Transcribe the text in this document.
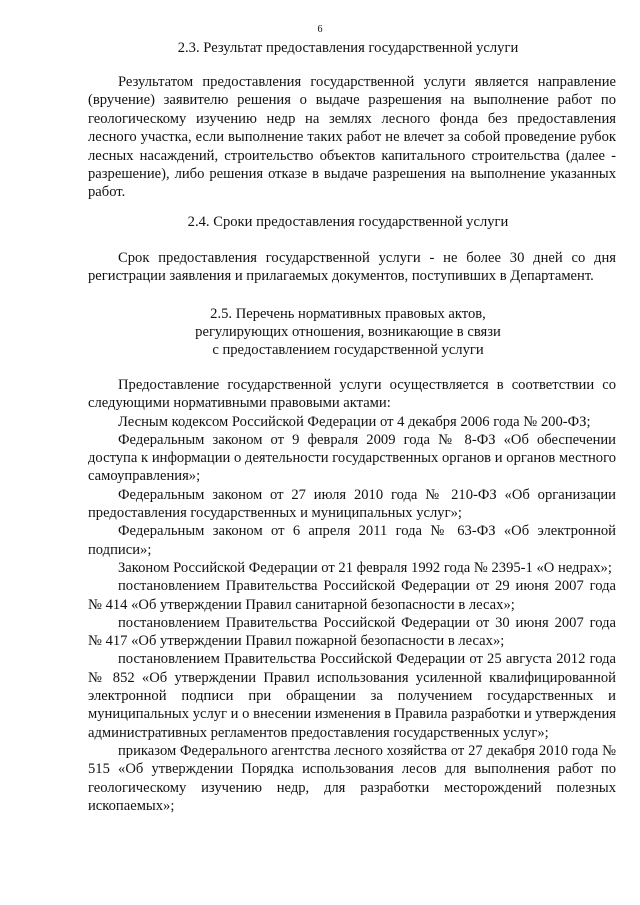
6
2.3. Результат предоставления государственной услуги

Результатом предоставления государственной услуги является направление (вручение) заявителю решения о выдаче разрешения на выполнение работ по геологическому изучению недр на землях лесного фонда без предоставления лесного участка, если выполнение таких работ не влечет за собой проведение рубок лесных насаждений, строительство объектов капитального строительства (далее - разрешение), либо решения отказе в выдаче разрешения на выполнение указанных работ.

2.4. Сроки предоставления государственной услуги

Срок предоставления государственной услуги - не более 30 дней со дня регистрации заявления и прилагаемых документов, поступивших в Департамент.

2.5. Перечень нормативных правовых актов,
регулирующих отношения, возникающие в связи
с предоставлением государственной услуги

Предоставление государственной услуги осуществляется в соответствии со следующими нормативными правовыми актами:

Лесным кодексом Российской Федерации от 4 декабря 2006 года № 200-ФЗ;

Федеральным законом от 9 февраля 2009 года № 8-ФЗ «Об обеспечении доступа к информации о деятельности государственных органов и органов местного самоуправления»;

Федеральным законом от 27 июля 2010 года № 210-ФЗ «Об организации предоставления государственных и муниципальных услуг»;

Федеральным законом от 6 апреля 2011 года № 63-ФЗ «Об электронной подписи»;

Законом Российской Федерации от 21 февраля 1992 года № 2395-1 «О недрах»;

постановлением Правительства Российской Федерации от 29 июня 2007 года № 414 «Об утверждении Правил санитарной безопасности в лесах»;

постановлением Правительства Российской Федерации от 30 июня 2007 года № 417 «Об утверждении Правил пожарной безопасности в лесах»;

постановлением Правительства Российской Федерации от 25 августа 2012 года № 852 «Об утверждении Правил использования усиленной квалифицированной электронной подписи при обращении за получением государственных и муниципальных услуг и о внесении изменения в Правила разработки и утверждения административных регламентов предоставления государственных услуг»;

приказом Федерального агентства лесного хозяйства от 27 декабря 2010 года № 515 «Об утверждении Порядка использования лесов для выполнения работ по геологическому изучению недр, для разработки месторождений полезных ископаемых»;
